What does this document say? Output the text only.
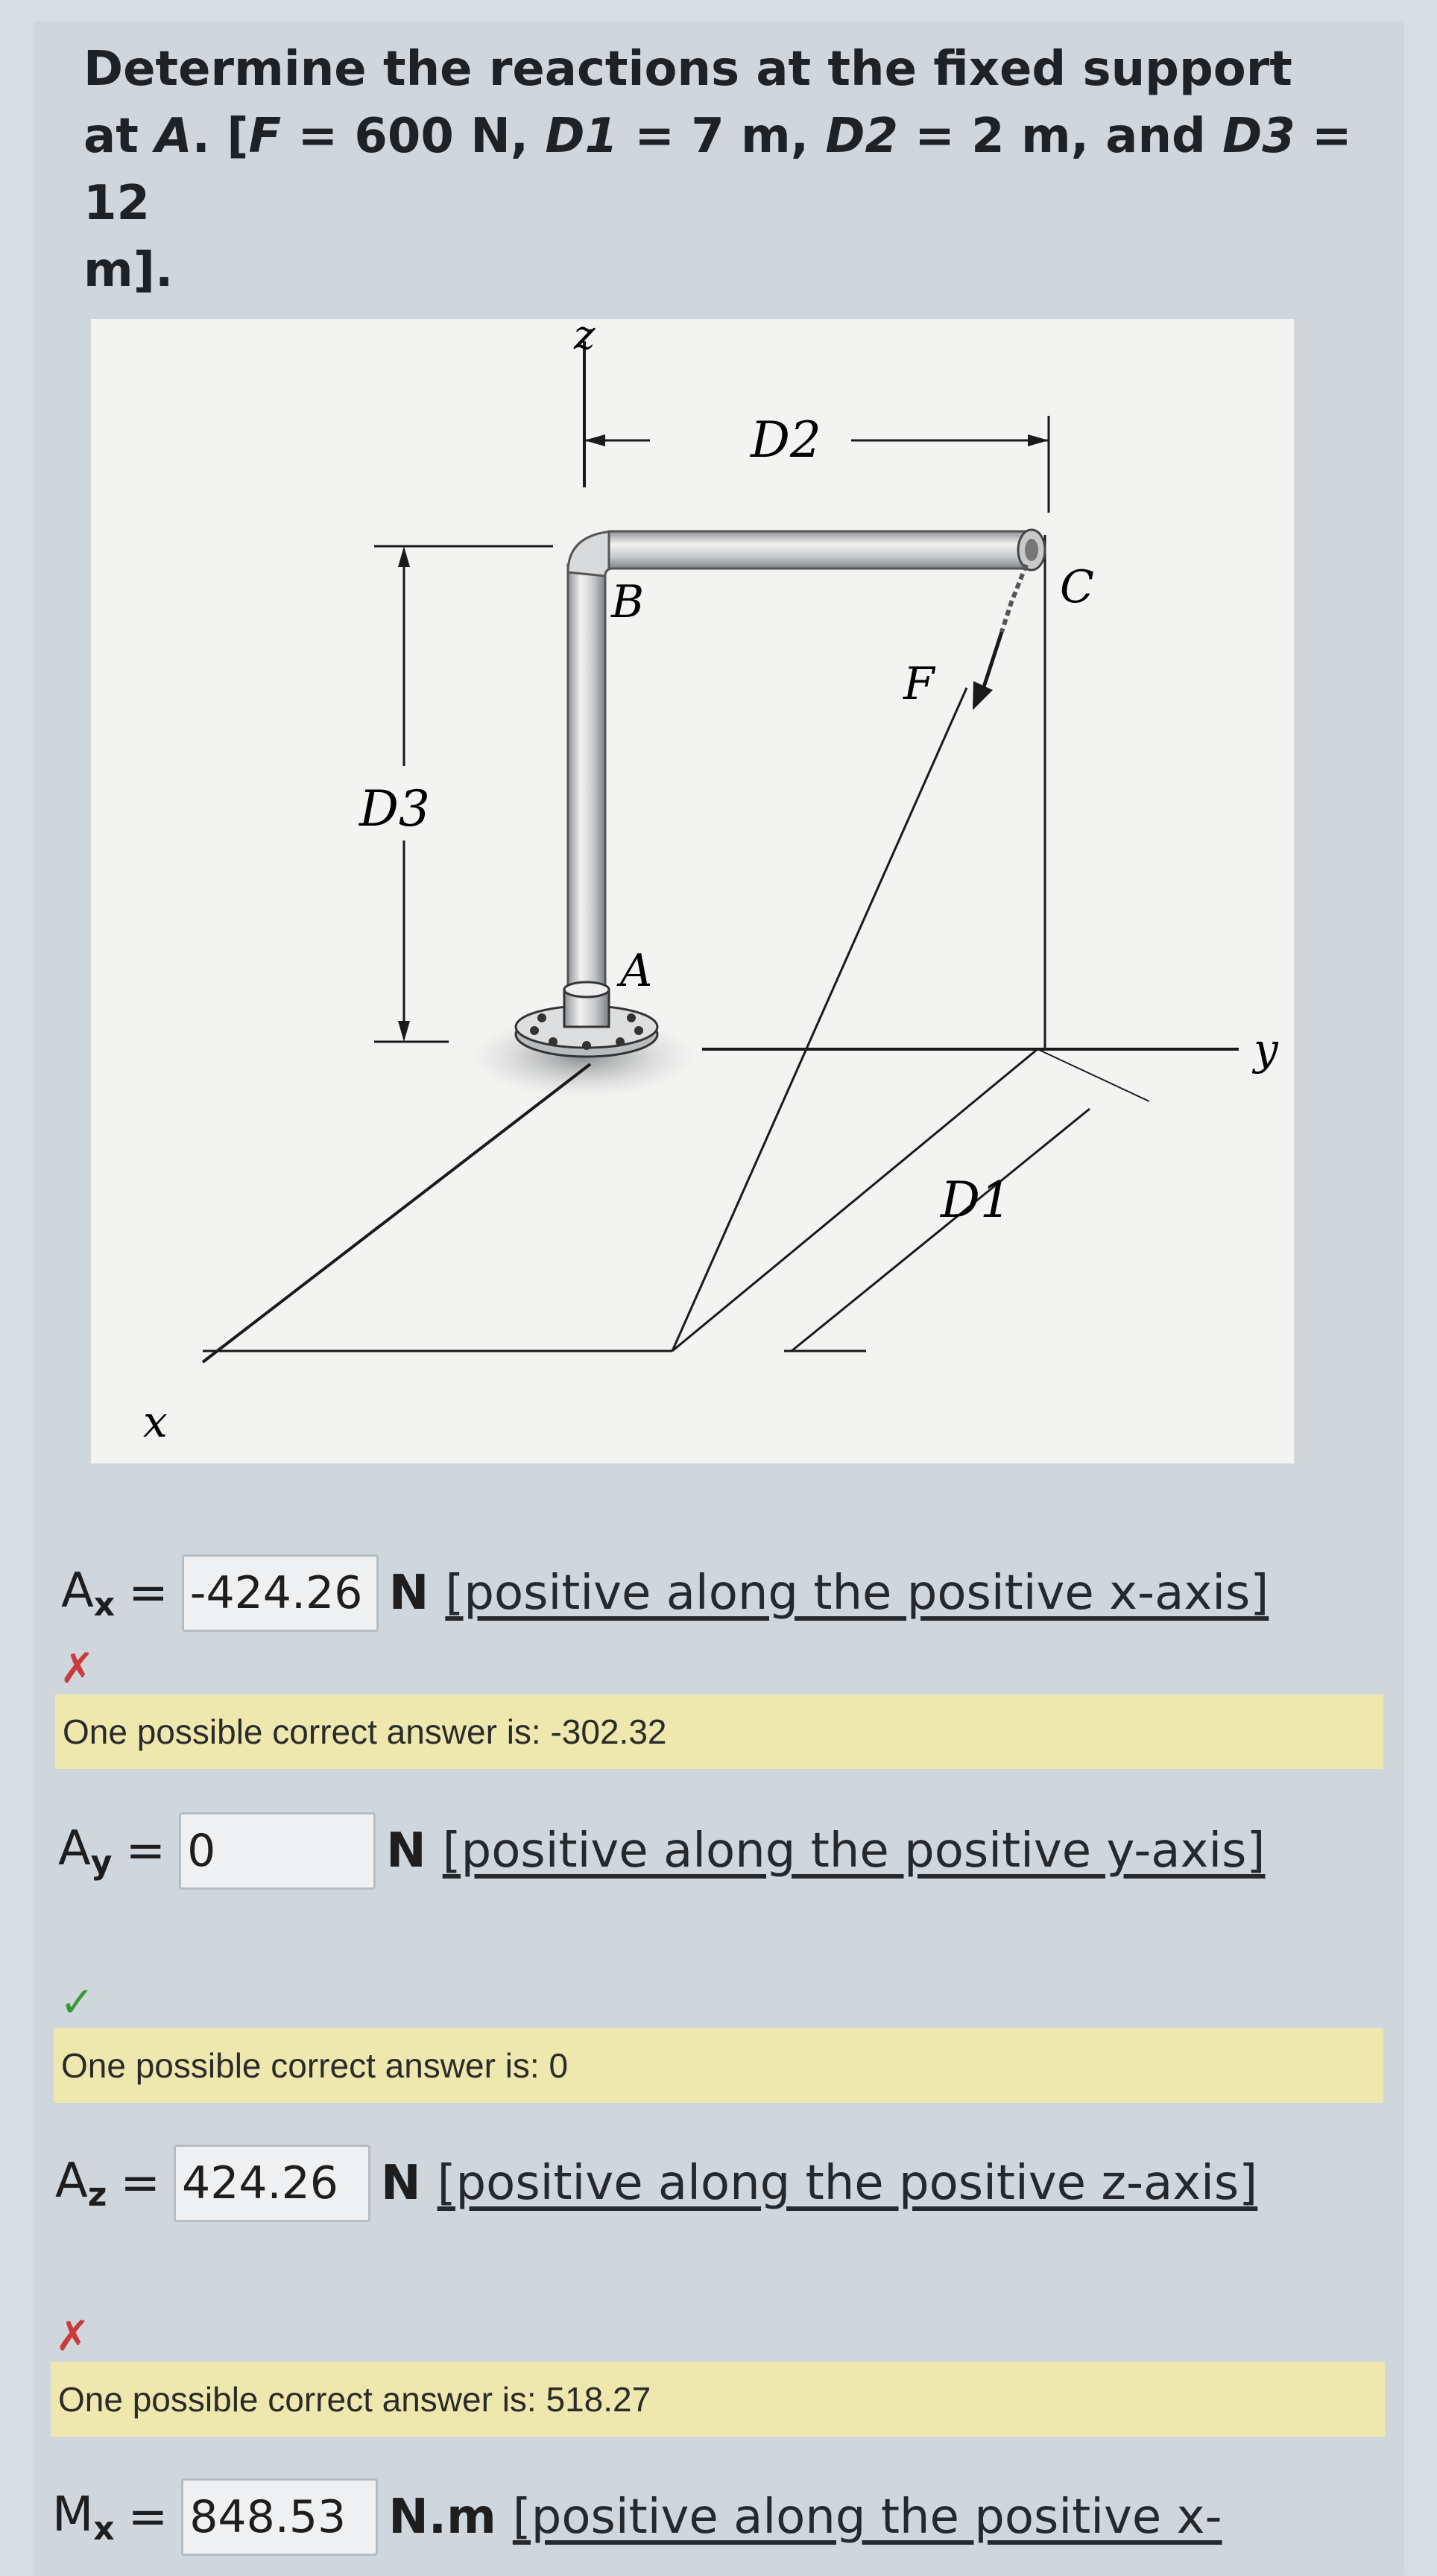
Determine the reactions at the fixed support
at A. [F = 600 N, D1 = 7 m, D2 = 2 m, and D3 = 12
m].

z
x
y
B
A
C
F
D2
D3
D1
$A_x$ =
-424.26	N [positive along the positive x-axis]
✗
One possible correct answer is: -302.32
$A_y$ =
0	N [positive along the positive y-axis]
✓
One possible correct answer is: 0
$A_z$ =
424.26	N [positive along the positive z-axis]
✗
One possible correct answer is: 518.27
$M_x$ =
848.53	N.m [positive along the positive x-
